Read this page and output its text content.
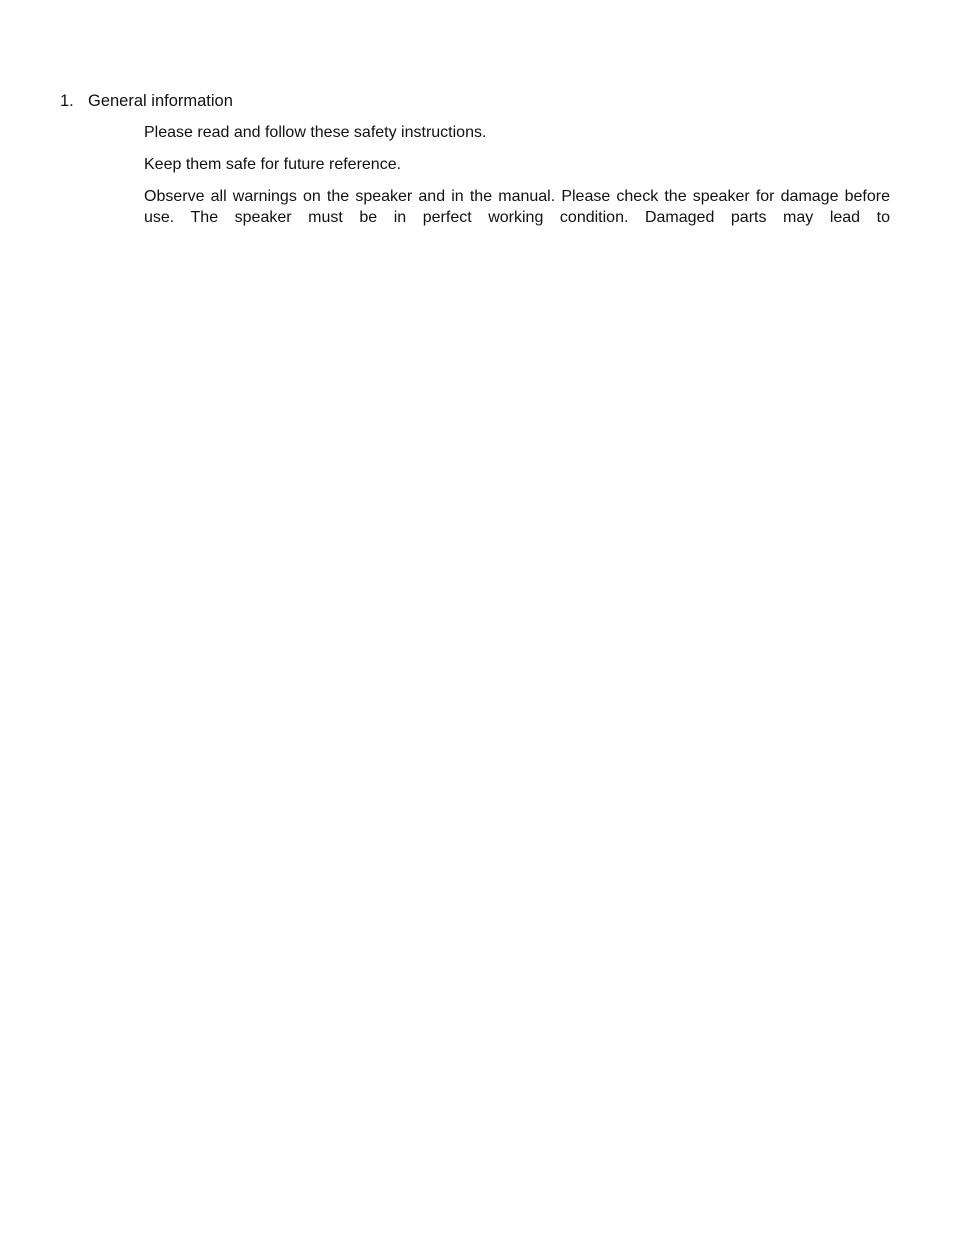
1. General information

Please read and follow these safety instructions.

Keep them safe for future reference.

Observe all warnings on the speaker and in the manual. Please check the speaker for damage before use. The speaker must be in perfect working condition. Damaged parts may lead to
